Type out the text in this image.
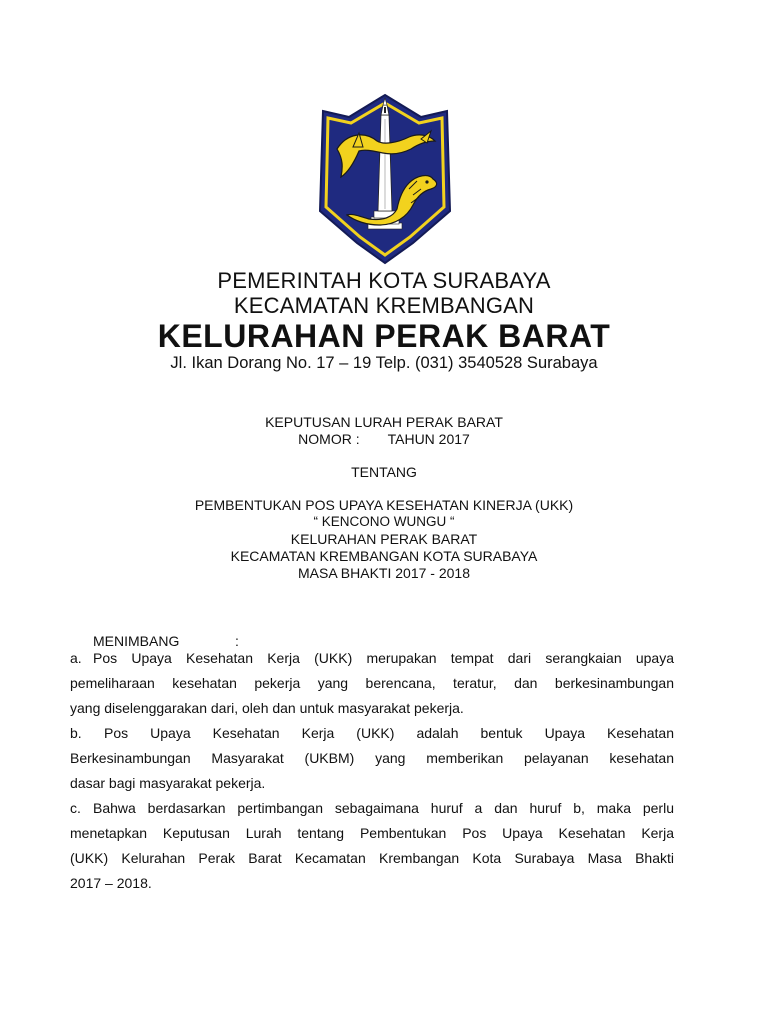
PEMERINTAH KOTA SURABAYA
KECAMATAN KREMBANGAN
KELURAHAN PERAK BARAT
Jl. Ikan Dorang No. 17 – 19 Telp. (031) 3540528 Surabaya
KEPUTUSAN LURAH PERAK BARAT
NOMOR : TAHUN 2017
TENTANG
PEMBENTUKAN POS UPAYA KESEHATAN KINERJA (UKK)
“ KENCONO WUNGU “
KELURAHAN PERAK BARAT
KECAMATAN KREMBANGAN KOTA SURABAYA
MASA BHAKTI 2017 - 2018
MENIMBANG	:
a. Pos Upaya Kesehatan Kerja (UKK) merupakan tempat dari serangkaian upaya
pemeliharaan kesehatan pekerja yang berencana, teratur, dan berkesinambungan
yang diselenggarakan dari, oleh dan untuk masyarakat pekerja.
b. Pos Upaya Kesehatan Kerja (UKK) adalah bentuk Upaya Kesehatan
Berkesinambungan Masyarakat (UKBM) yang memberikan pelayanan kesehatan
dasar bagi masyarakat pekerja.
c. Bahwa berdasarkan pertimbangan sebagaimana huruf a dan huruf b, maka perlu
menetapkan Keputusan Lurah tentang Pembentukan Pos Upaya Kesehatan Kerja
(UKK) Kelurahan Perak Barat Kecamatan Krembangan Kota Surabaya Masa Bhakti
2017 – 2018.
